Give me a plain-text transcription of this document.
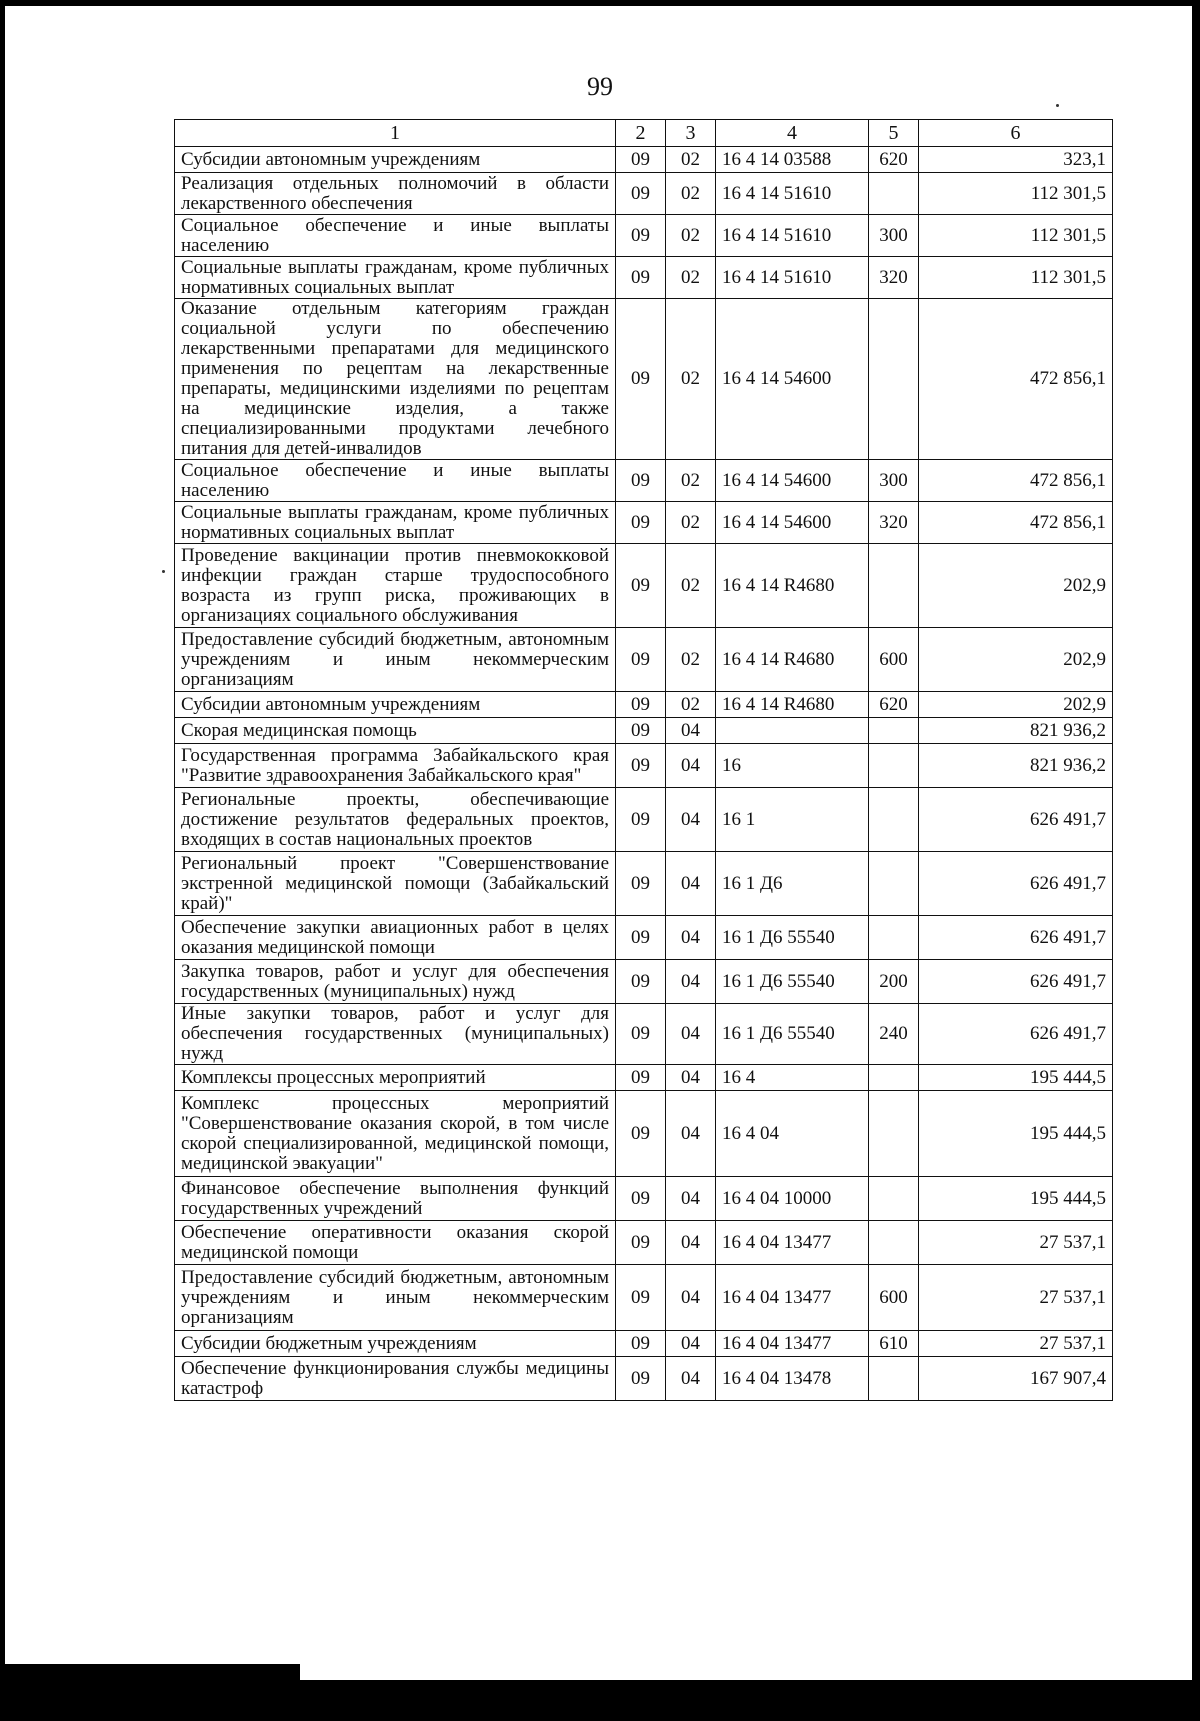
99
1	2	3	4	5	6
Субсидии автономным учреждениям	09	02	16 4 14 03588	620	323,1
Реализация отдельных полномочий в области лекарственного обеспечения	09	02	16 4 14 51610		112 301,5
Социальное обеспечение и иные выплаты населению	09	02	16 4 14 51610	300	112 301,5
Социальные выплаты гражданам, кроме публичных нормативных социальных выплат	09	02	16 4 14 51610	320	112 301,5
Оказание отдельным категориям граждан социальной услуги по обеспечению лекарственными препаратами для медицинского применения по рецептам на лекарственные препараты, медицинскими изделиями по рецептам на медицинские изделия, а также специализированными продуктами лечебного питания для детей-инвалидов	09	02	16 4 14 54600		472 856,1
Социальное обеспечение и иные выплаты населению	09	02	16 4 14 54600	300	472 856,1
Социальные выплаты гражданам, кроме публичных нормативных социальных выплат	09	02	16 4 14 54600	320	472 856,1
Проведение вакцинации против пневмококковой инфекции граждан старше трудоспособного возраста из групп риска, проживающих в организациях социального обслуживания	09	02	16 4 14 R4680		202,9
Предоставление субсидий бюджетным, автономным учреждениям и иным некоммерческим организациям	09	02	16 4 14 R4680	600	202,9
Субсидии автономным учреждениям	09	02	16 4 14 R4680	620	202,9
Скорая медицинская помощь	09	04			821 936,2
Государственная программа Забайкальского края "Развитие здравоохранения Забайкальского края"	09	04	16		821 936,2
Региональные проекты, обеспечивающие достижение результатов федеральных проектов, входящих в состав национальных проектов	09	04	16 1		626 491,7
Региональный проект "Совершенствование экстренной медицинской помощи (Забайкальский край)"	09	04	16 1 Д6		626 491,7
Обеспечение закупки авиационных работ в целях оказания медицинской помощи	09	04	16 1 Д6 55540		626 491,7
Закупка товаров, работ и услуг для обеспечения государственных (муниципальных) нужд	09	04	16 1 Д6 55540	200	626 491,7
Иные закупки товаров, работ и услуг для обеспечения государственных (муниципальных) нужд	09	04	16 1 Д6 55540	240	626 491,7
Комплексы процессных мероприятий	09	04	16 4		195 444,5
Комплекс процессных мероприятий "Совершенствование оказания скорой, в том числе скорой специализированной, медицинской помощи, медицинской эвакуации"	09	04	16 4 04		195 444,5
Финансовое обеспечение выполнения функций государственных учреждений	09	04	16 4 04 10000		195 444,5
Обеспечение оперативности оказания скорой медицинской помощи	09	04	16 4 04 13477		27 537,1
Предоставление субсидий бюджетным, автономным учреждениям и иным некоммерческим организациям	09	04	16 4 04 13477	600	27 537,1
Субсидии бюджетным учреждениям	09	04	16 4 04 13477	610	27 537,1
Обеспечение функционирования службы медицины катастроф	09	04	16 4 04 13478		167 907,4
